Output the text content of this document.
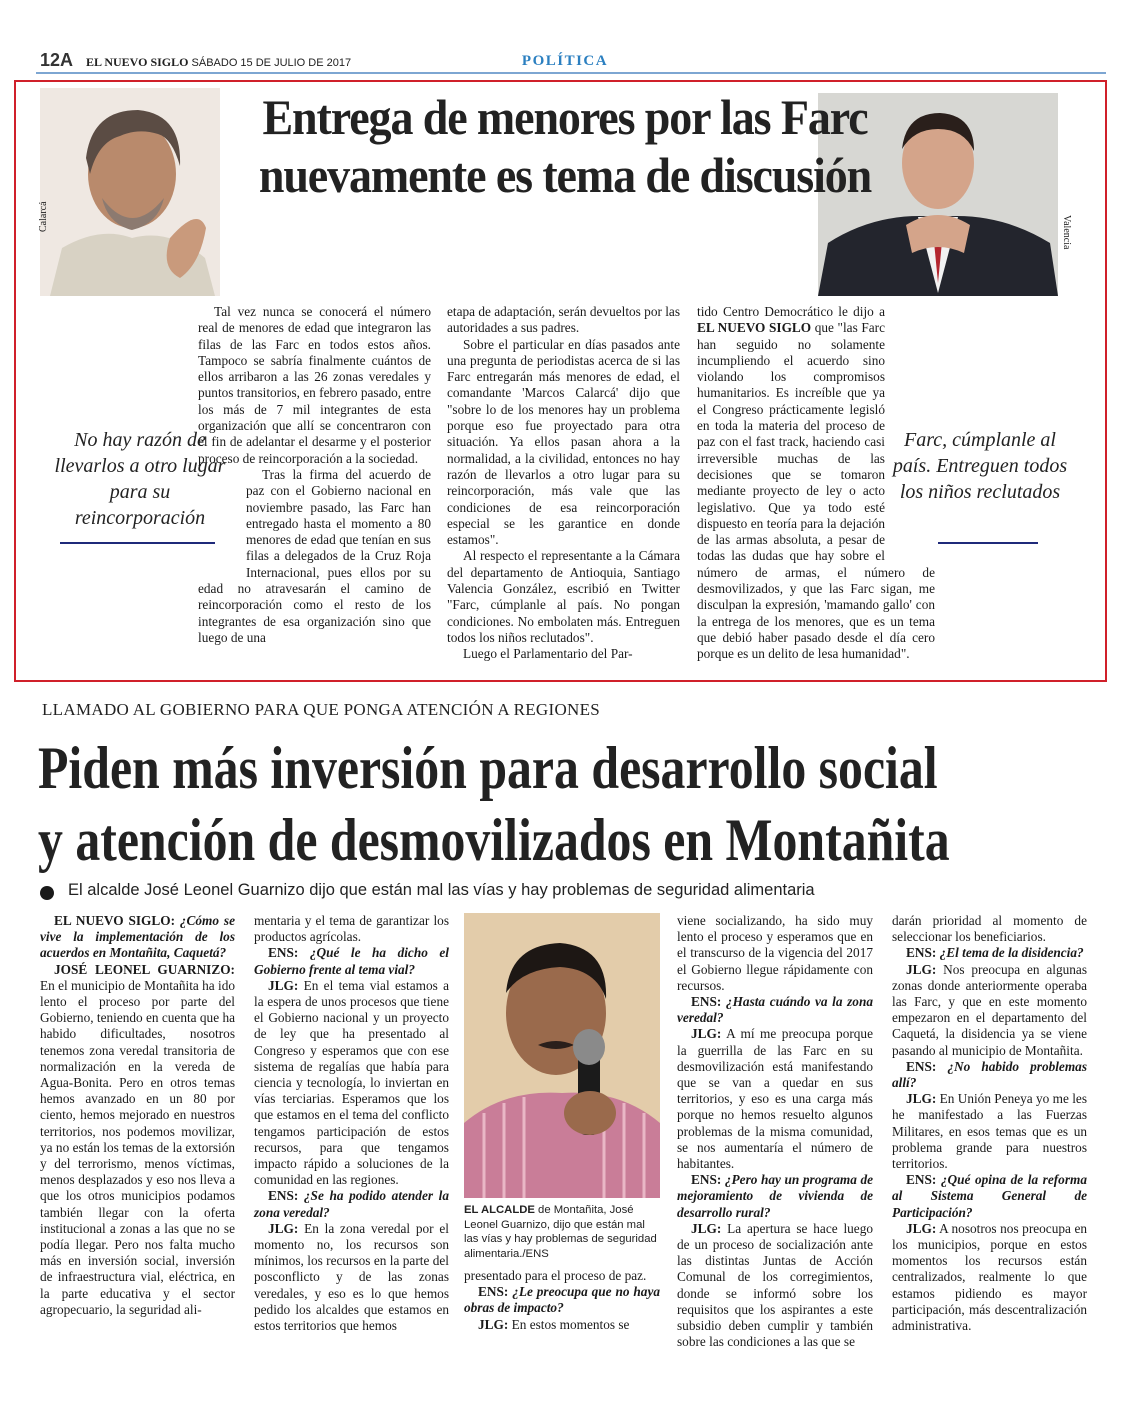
12A EL NUEVO SIGLO SÁBADO 15 DE JULIO DE 2017	POLÍTICA
Calarcá	Valencia
Entrega de menores por las Farc nuevamente es tema de discusión
No hay razón de llevarlos a otro lugar para su reincorporación
Farc, cúmplanle al país. Entreguen todos los niños reclutados

Tal vez nunca se conocerá el número real de menores de edad que integraron las filas de las Farc en todos estos años. Tampoco se sabría finalmente cuántos de ellos arribaron a las 26 zonas veredales y puntos transitorios, en febrero pasado, entre los más de 7 mil integrantes de esta organización que allí se concentraron con el fin de adelantar el desarme y el posterior proceso de reincorporación a la sociedad.

Tras la firma del acuerdo de paz con el Gobierno nacional en noviembre pasado, las Farc han entregado hasta el momento a 80 menores de edad que tenían en sus filas a delegados de la Cruz Roja Internacional, pues ellos por su edad no atravesarán el camino de reincorporación como el resto de los integrantes de esa organización sino que luego de una

etapa de adaptación, serán devueltos por las autoridades a sus padres.

Sobre el particular en días pasados ante una pregunta de periodistas acerca de si las Farc entregarán más menores de edad, el comandante 'Marcos Calarcá' dijo que "sobre lo de los menores hay un problema porque eso fue proyectado para otra situación. Ya ellos pasan ahora a la normalidad, a la civilidad, entonces no hay razón de llevarlos a otro lugar para su reincorporación, más vale que las condiciones de esa reincorporación especial se les garantice en donde estamos".

Al respecto el representante a la Cámara del departamento de Antioquia, Santiago Valencia González, escribió en Twitter "Farc, cúmplanle al país. No pongan condiciones. No embolaten más. Entreguen todos los niños reclutados".

Luego el Parlamentario del Par-

tido Centro Democrático le dijo a EL NUEVO SIGLO que "las Farc han seguido no solamente incumpliendo el acuerdo sino violando los compromisos humanitarios. Es increíble que ya el Congreso prácticamente legisló en toda la materia del proceso de paz con el fast track, haciendo casi irreversible muchas de las decisiones que se tomaron mediante proyecto de ley o acto legislativo. Que ya todo esté dispuesto en teoría para la dejación de las armas absoluta, a pesar de todas las dudas que hay sobre el número de armas, el número de desmovilizados, y que las Farc sigan, me disculpan la expresión, 'mamando gallo' con la entrega de los menores, que es un tema que debió haber pasado desde el día cero porque es un delito de lesa humanidad".

LLAMADO AL GOBIERNO PARA QUE PONGA ATENCIÓN A REGIONES
Piden más inversión para desarrollo social
y atención de desmovilizados en Montañita
El alcalde José Leonel Guarnizo dijo que están mal las vías y hay problemas de seguridad alimentaria

EL NUEVO SIGLO: ¿Cómo se vive la implementación de los acuerdos en Montañita, Caquetá?

JOSÉ LEONEL GUARNIZO: En el municipio de Montañita ha ido lento el proceso por parte del Gobierno, teniendo en cuenta que ha habido dificultades, nosotros tenemos zona veredal transitoria de normalización en la vereda de Agua-Bonita. Pero en otros temas hemos avanzado en un 80 por ciento, hemos mejorado en nuestros territorios, nos podemos movilizar, ya no están los temas de la extorsión y del terrorismo, menos víctimas, menos desplazados y eso nos lleva a que los otros municipios podamos también llegar con la oferta institucional a zonas a las que no se podía llegar. Pero nos falta mucho más en inversión social, inversión de infraestructura vial, eléctrica, en la parte educativa y el sector agropecuario, la seguridad ali-

mentaria y el tema de garantizar los productos agrícolas.

ENS: ¿Qué le ha dicho el Gobierno frente al tema vial?

JLG: En el tema vial estamos a la espera de unos procesos que tiene el Gobierno nacional y un proyecto de ley que ha presentado al Congreso y esperamos que con ese sistema de regalías que había para ciencia y tecnología, lo inviertan en vías terciarias. Esperamos que los que estamos en el tema del conflicto tengamos participación de estos recursos, para que tengamos impacto rápido a soluciones de la comunidad en las regiones.

ENS: ¿Se ha podido atender la zona veredal?

JLG: En la zona veredal por el momento no, los recursos son mínimos, los recursos en la parte del posconflicto y de las zonas veredales, y eso es lo que hemos pedido los alcaldes que estamos en estos territorios que hemos

EL ALCALDE de Montañita, José Leonel Guarnizo, dijo que están mal las vías y hay problemas de seguridad alimentaria./ENS

presentado para el proceso de paz.

ENS: ¿Le preocupa que no haya obras de impacto?

JLG: En estos momentos se

viene socializando, ha sido muy lento el proceso y esperamos que en el transcurso de la vigencia del 2017 el Gobierno llegue rápidamente con recursos.

ENS: ¿Hasta cuándo va la zona veredal?

JLG: A mí me preocupa porque la guerrilla de las Farc en su desmovilización está manifestando que se van a quedar en sus territorios, y eso es una carga más porque no hemos resuelto algunos problemas de la misma comunidad, se nos aumentaría el número de habitantes.

ENS: ¿Pero hay un programa de mejoramiento de vivienda de desarrollo rural?

JLG: La apertura se hace luego de un proceso de socialización ante las distintas Juntas de Acción Comunal de los corregimientos, donde se informó sobre los requisitos que los aspirantes a este subsidio deben cumplir y también sobre las condiciones a las que se

darán prioridad al momento de seleccionar los beneficiarios.

ENS: ¿El tema de la disidencia?

JLG: Nos preocupa en algunas zonas donde anteriormente operaba las Farc, y que en este momento empezaron en el departamento del Caquetá, la disidencia ya se viene pasando al municipio de Montañita.

ENS: ¿No habido problemas allí?

JLG: En Unión Peneya yo me les he manifestado a las Fuerzas Militares, en esos temas que es un problema grande para nuestros territorios.

ENS: ¿Qué opina de la reforma al Sistema General de Participación?

JLG: A nosotros nos preocupa en los municipios, porque en estos momentos los recursos están centralizados, realmente lo que estamos pidiendo es mayor participación, más descentralización administrativa.
